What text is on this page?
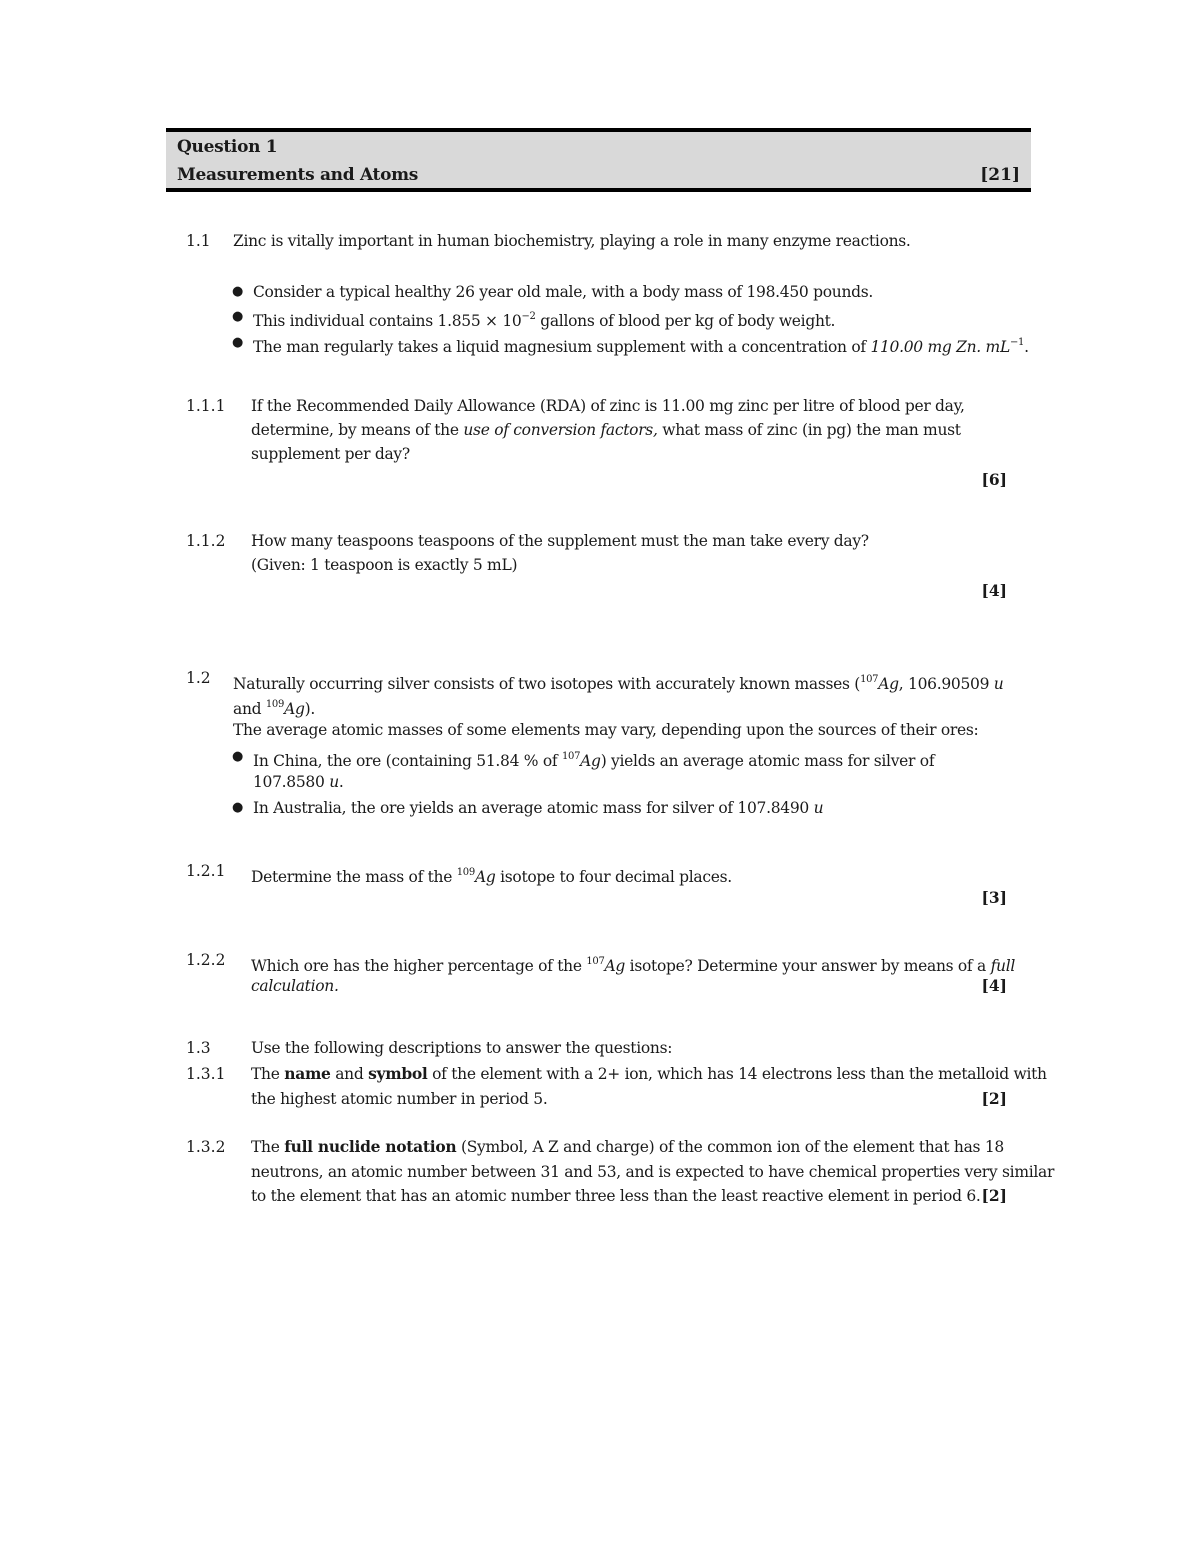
Question 1
Measurements and Atoms	[21]
1.1 Zinc is vitally important in human biochemistry, playing a role in many enzyme reactions.
● Consider a typical healthy 26 year old male, with a body mass of 198.450 pounds.
● This individual contains $1.855 \times 10^{-2}$ gallons of blood per kg of body weight.
● The man regularly takes a liquid magnesium supplement with a concentration of 110.00 mg Zn. $mL^{-1}$.
1.1.1 If the Recommended Daily Allowance (RDA) of zinc is 11.00 mg zinc per litre of blood per day,
determine, by means of the use of conversion factors, what mass of zinc (in pg) the man must
supplement per day?
[6]
1.1.2 How many teaspoons teaspoons of the supplement must the man take every day?
(Given: 1 teaspoon is exactly 5 mL)
[4]
1.2 Naturally occurring silver consists of two isotopes with accurately known masses ($^{107}$Ag, 106.90509 u
and $^{109}$Ag).
The average atomic masses of some elements may vary, depending upon the sources of their ores:
● In China, the ore (containing 51.84 % of $^{107}$Ag) yields an average atomic mass for silver of
107.8580 u.
● In Australia, the ore yields an average atomic mass for silver of 107.8490 u
1.2.1 Determine the mass of the $^{109}$Ag isotope to four decimal places.
[3]
1.2.2 Which ore has the higher percentage of the $^{107}$Ag isotope? Determine your answer by means of a full
calculation.	[4]
1.3	Use the following descriptions to answer the questions:
1.3.1 The name and symbol of the element with a 2+ ion, which has 14 electrons less than the metalloid with
the highest atomic number in period 5.	[2]
1.3.2 The full nuclide notation (Symbol, A Z and charge) of the common ion of the element that has 18
neutrons, an atomic number between 31 and 53, and is expected to have chemical properties very similar
to the element that has an atomic number three less than the least reactive element in period 6. [2]
